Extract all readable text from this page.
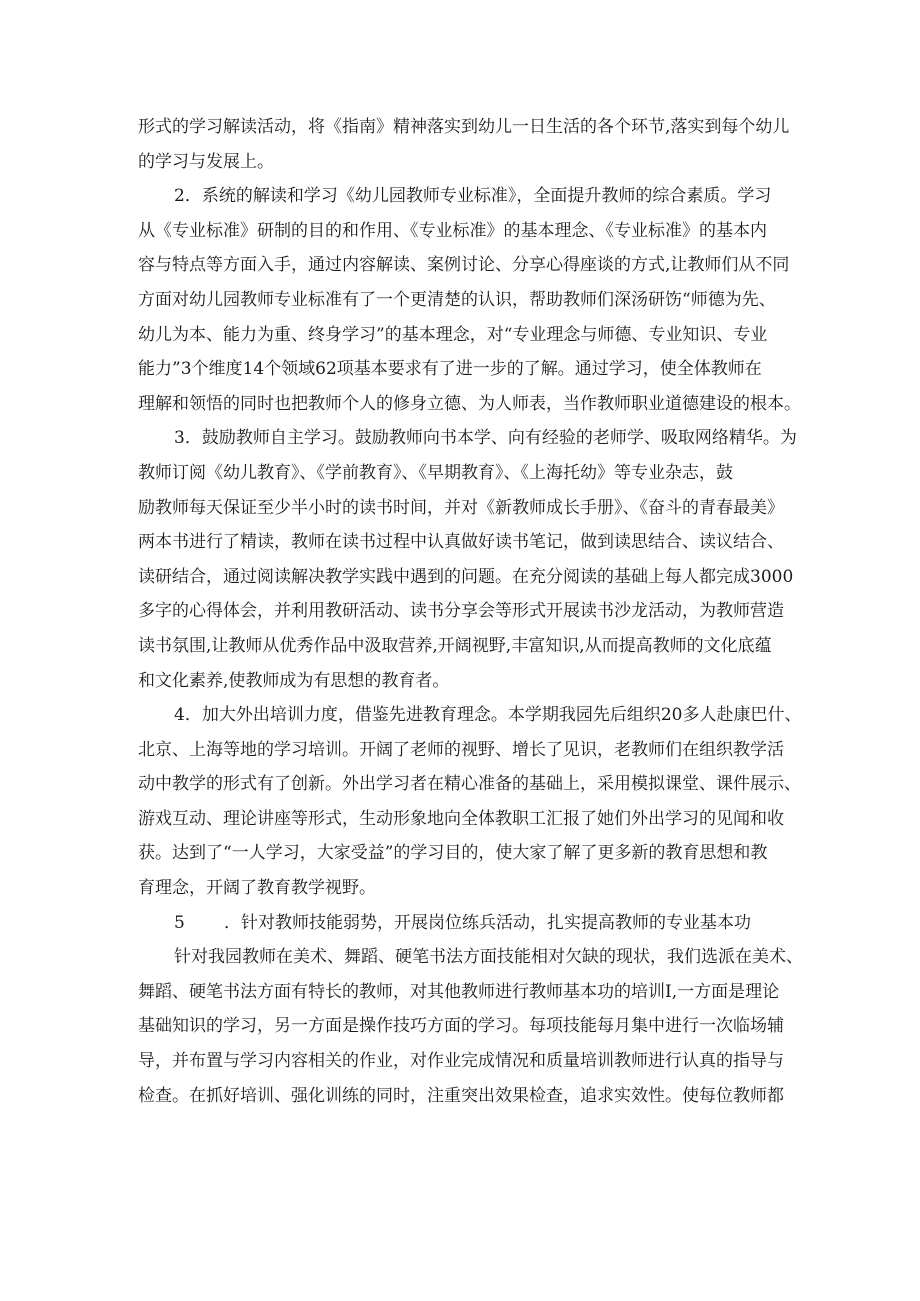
形式的学习解读活动，将《指南》精神落实到幼儿一日生活的各个环节,落实到每个幼儿
的学习与发展上。
2．系统的解读和学习《幼儿园教师专业标准》，全面提升教师的综合素质。学习
从《专业标准》研制的目的和作用、《专业标准》的基本理念、《专业标准》的基本内
容与特点等方面入手，通过内容解读、案例讨论、分享心得座谈的方式,让教师们从不同
方面对幼儿园教师专业标准有了一个更清楚的认识，帮助教师们深汤研饬“师德为先、
幼儿为本、能力为重、终身学习”的基本理念，对“专业理念与师德、专业知识、专业
能力”3个维度14个领域62项基本要求有了进一步的了解。通过学习，使全体教师在
理解和领悟的同时也把教师个人的修身立德、为人师表，当作教师职业道德建设的根本。
3．鼓励教师自主学习。鼓励教师向书本学、向有经验的老师学、吸取网络精华。为
教师订阅《幼儿教育》、《学前教育》、《早期教育》、《上海托幼》等专业杂志，鼓
励教师每天保证至少半小时的读书时间，并对《新教师成长手册》、《奋斗的青春最美》
两本书进行了精读，教师在读书过程中认真做好读书笔记，做到读思结合、读议结合、
读研结合，通过阅读解决教学实践中遇到的问题。在充分阅读的基础上每人都完成3000
多字的心得体会，并利用教研活动、读书分享会等形式开展读书沙龙活动，为教师营造
读书氛围,让教师从优秀作品中汲取营养,开阔视野,丰富知识,从而提高教师的文化底蕴
和文化素养,使教师成为有思想的教育者。
4．加大外出培训力度，借鉴先进教育理念。本学期我园先后组织20多人赴康巴什、
北京、上海等地的学习培训。开阔了老师的视野、增长了见识，老教师们在组织教学活
动中教学的形式有了创新。外出学习者在精心准备的基础上，采用模拟课堂、课件展示、
游戏互动、理论讲座等形式，生动形象地向全体教职工汇报了她们外出学习的见闻和收
获。达到了“一人学习，大家受益”的学习目的，使大家了解了更多新的教育思想和教
育理念，开阔了教育教学视野。
5 ．针对教师技能弱势，开展岗位练兵活动，扎实提高教师的专业基本功
针对我园教师在美术、舞蹈、硬笔书法方面技能相对欠缺的现状，我们选派在美术、
舞蹈、硬笔书法方面有特长的教师，对其他教师进行教师基本功的培训I,一方面是理论
基础知识的学习，另一方面是操作技巧方面的学习。每项技能每月集中进行一次临场辅
导，并布置与学习内容相关的作业，对作业完成情况和质量培训教师进行认真的指导与
检查。在抓好培训、强化训练的同时，注重突出效果检查，追求实效性。使每位教师都
